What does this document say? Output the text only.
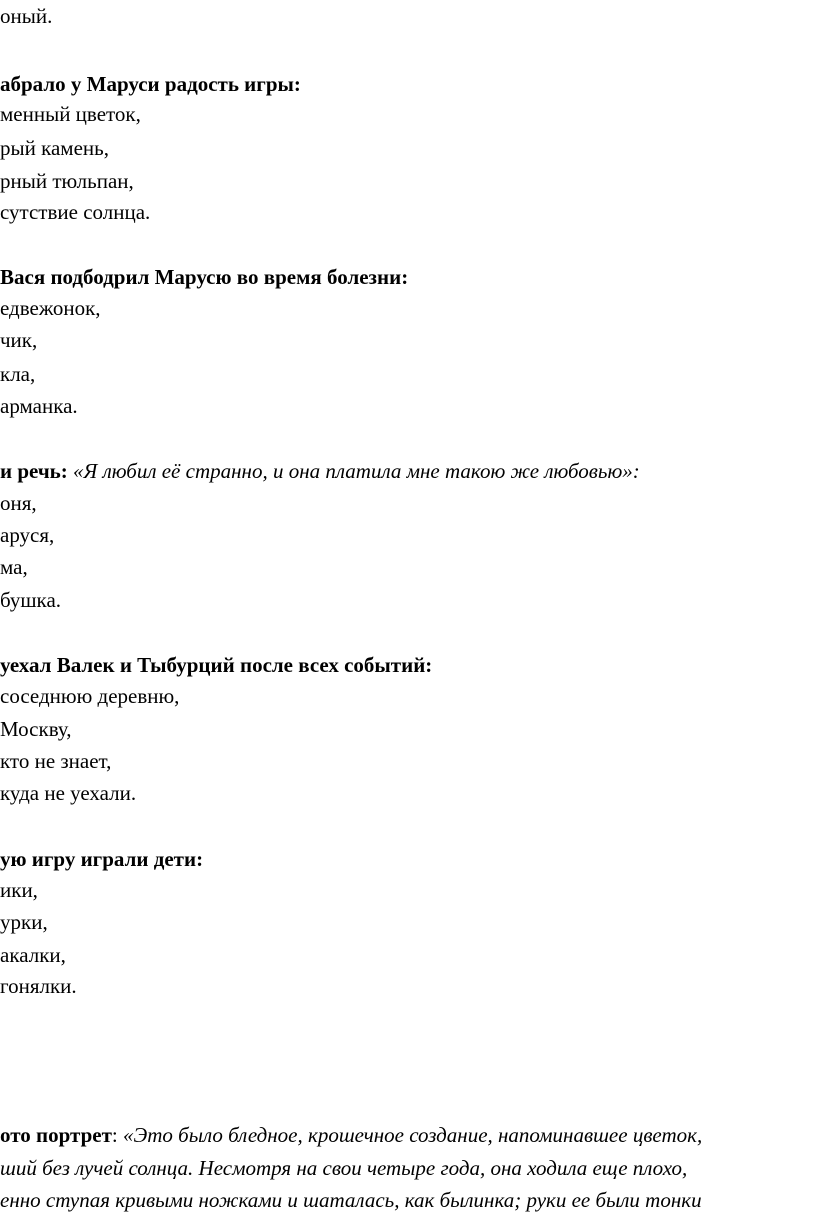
оный.
абрало у Маруси радость игры:
менный цветок,
рый камень,
рный тюльпан,
сутствие солнца.
Вася подбодрил Марусю во время болезни:
едвежонок,
чик,
кла,
арманка.
и речь: «Я любил её странно, и она платила мне такою же любовью»:
оня,
аруся,
ма,
бушка.
уехал Валек и Тыбурций после всех событий:
соседнюю деревню,
Москву,
кто не знает,
куда не уехали.
ую игру играли дети:
ики,
урки,
акалки,
гонялки.
ото портрет: «Это было бледное, крошечное создание, напоминавшее цветок,
ший без лучей солнца. Несмотря на свои четыре года, она ходила еще плохо,
енно ступая кривыми ножками и шаталась, как былинка; руки ее были тонки
